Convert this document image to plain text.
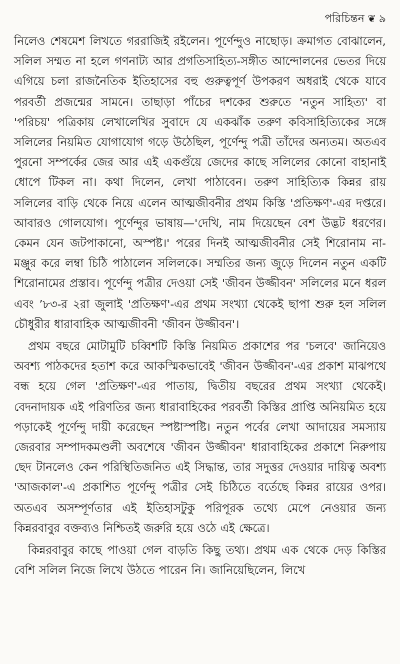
পরিচিন্তন ❦ ৯

নিলেও শেষমেশ লিখতে গররাজিই রইলেন। পূর্ণেন্দুও নাছোড়। ক্রমাগত বোঝালেন, সলিল সম্মত না হলে গণনাট্য আর প্রগতিসাহিত্য-সঙ্গীত আন্দোলনের ভেতর দিয়ে এগিয়ে চলা রাজনৈতিক ইতিহাসের বহু গুরুত্বপূর্ণ উপকরণ অধরাই থেকে যাবে পরবর্তী প্রজন্মের সামনে। তাছাড়া পাঁচের দশকের শুরুতে 'নতুন সাহিত্য' বা 'পরিচয়' পত্রিকায় লেখালেখির সুবাদে যে একঝাঁক তরুণ কবিসাহিত্যিকের সঙ্গে সলিলের নিয়মিত যোগাযোগ গড়ে উঠেছিল, পূর্ণেন্দু পত্রী তাঁদের অন্যতম। অতএব পুরনো সম্পর্কের জের আর এই একগুঁয়ে জেদের কাছে সলিলের কোনো বাহানাই ধোপে টিকল না। কথা দিলেন, লেখা পাঠাবেন। তরুণ সাহিত্যিক কিন্নর রায় সলিলের বাড়ি থেকে নিয়ে এলেন আত্মজীবনীর প্রথম কিস্তি 'প্রতিক্ষণ'-এর দপ্তরে। আবারও গোলযোগ। পূর্ণেন্দুর ভাষায়—'দেখি, নাম দিয়েছেন বেশ উদ্ভট ধরণের। কেমন যেন জটপাকানো, অস্পষ্ট।' পরের দিনই আত্মজীবনীর সেই শিরোনাম না-মঞ্জুর করে লম্বা চিঠি পাঠালেন সলিলকে। সম্মতির জন্য জুড়ে দিলেন নতুন একটি শিরোনামের প্রস্তাব। পূর্ণেন্দু পত্রীর দেওয়া সেই 'জীবন উজ্জীবন' সলিলের মনে ধরল এবং ’৮৩-র ২রা জুলাই 'প্রতিক্ষণ'-এর প্রথম সংখ্যা থেকেই ছাপা শুরু হল সলিল চৌধুরীর ধারাবাহিক আত্মজীবনী 'জীবন উজ্জীবন'।

প্রথম বছরে মোটামুটি চব্বিশটি কিস্তি নিয়মিত প্রকাশের পর 'চলবে' জানিয়েও অবশ্য পাঠকদের হতাশ করে আকস্মিকভাবেই 'জীবন উজ্জীবন'-এর প্রকাশ মাঝপথে বন্ধ হয়ে গেল 'প্রতিক্ষণ'-এর পাতায়, দ্বিতীয় বছরের প্রথম সংখ্যা থেকেই। বেদনাদায়ক এই পরিণতির জন্য ধারাবাহিকের পরবর্তী কিস্তির প্রাপ্তি অনিয়মিত হয়ে পড়াকেই পূর্ণেন্দু দায়ী করেছেন স্পষ্টাস্পষ্টি। নতুন পর্বের লেখা আদায়ের সমস্যায় জেরবার সম্পাদকমণ্ডলী অবশেষে 'জীবন উজ্জীবন' ধারাবাহিকের প্রকাশে নিরুপায় ছেদ টানলেও কেন পরিস্থিতিজনিত এই সিদ্ধান্ত, তার সদুত্তর দেওয়ার দায়িত্ব অবশ্য 'আজকাল'-এ প্রকাশিত পূর্ণেন্দু পত্রীর সেই চিঠিতে বর্তেছে কিন্নর রায়ের ওপর। অতএব অসম্পূর্ণতার এই ইতিহাসটুকু পরিপূরক তথ্যে মেপে নেওয়ার জন্য কিন্নরবাবুর বক্তব্যও নিশ্চিতই জরুরি হয়ে ওঠে এই ক্ষেত্রে।

কিন্নরবাবুর কাছে পাওয়া গেল বাড়তি কিছু তথ্য। প্রথম এক থেকে দেড় কিস্তির বেশি সলিল নিজে লিখে উঠতে পারেন নি। জানিয়েছিলেন, লিখে
